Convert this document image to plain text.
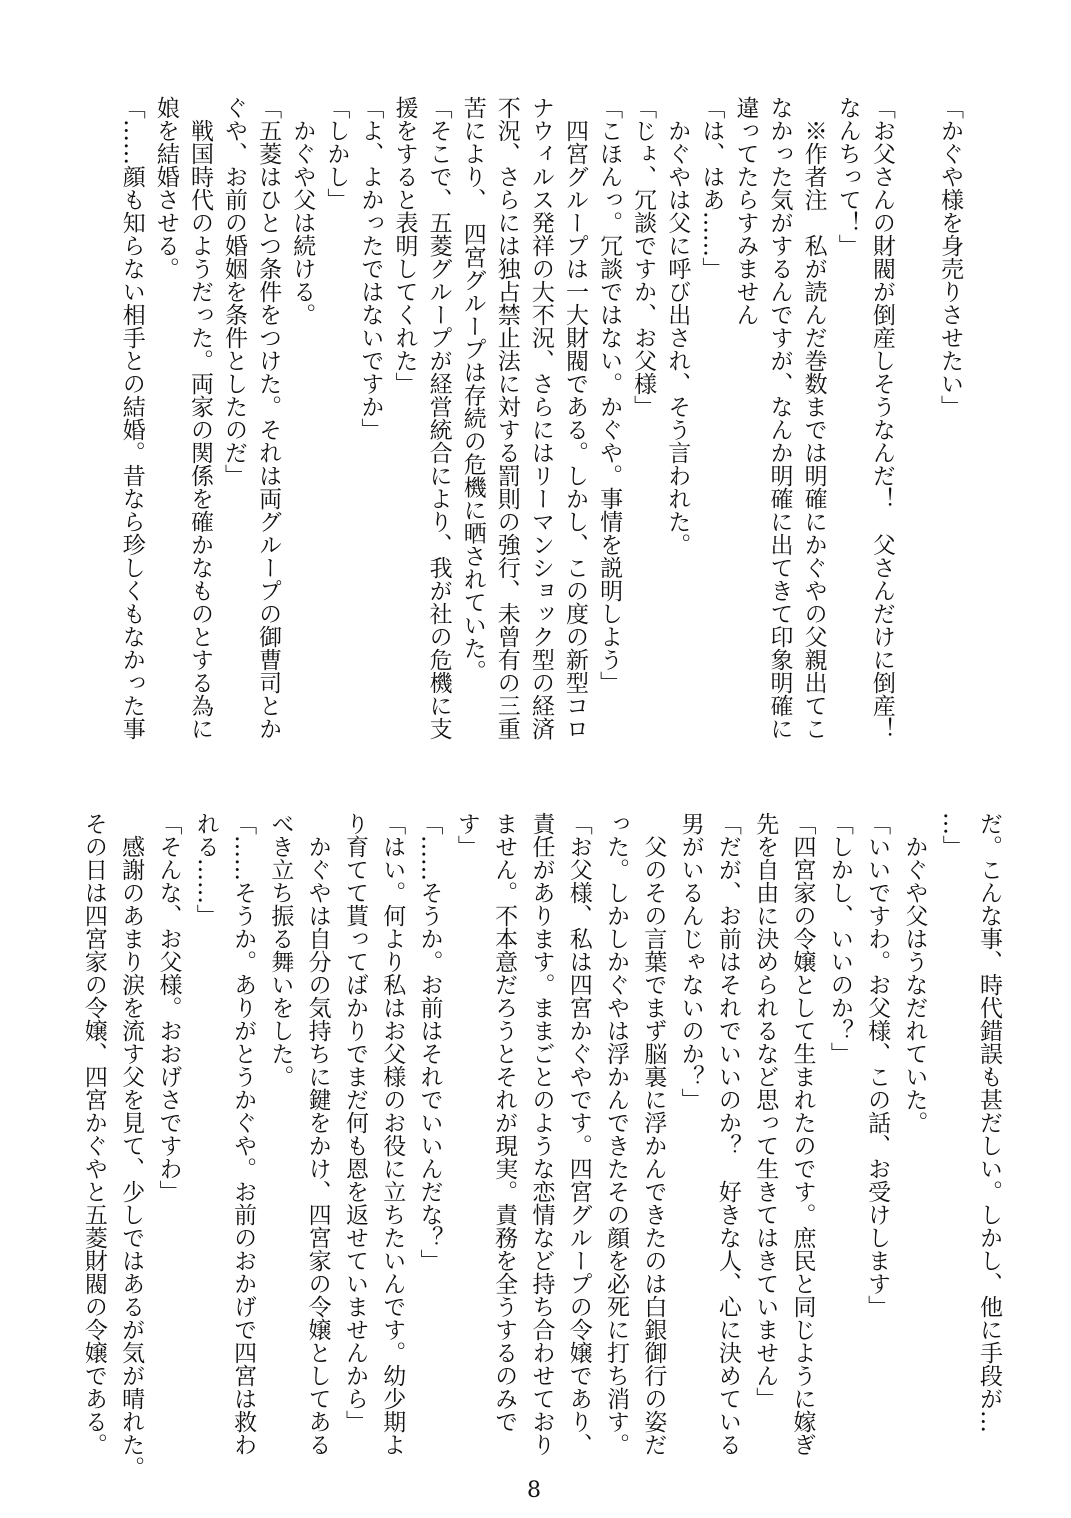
「かぐや様を身売りさせたい」
「お父さんの財閥が倒産しそうなんだ！　父さんだけに倒産！
なんちって！」
　※作者注　私が読んだ巻数までは明確にかぐやの父親出てこ
なかった気がするんですが、なんか明確に出てきて印象明確に
違ってたらすみません
「は、はあ……」
　かぐやは父に呼び出され、そう言われた。
「じょ、冗談ですか、お父様」
「こほんっ。冗談ではない。かぐや。事情を説明しよう」
　四宮グループは一大財閥である。しかし、この度の新型コロ
ナウィルス発祥の大不況、さらにはリーマンショック型の経済
不況、さらには独占禁止法に対する罰則の強行、未曾有の三重
苦により、　四宮グループは存続の危機に晒されていた。
「そこで、五菱グループが経営統合により、我が社の危機に支
援をすると表明してくれた」
「よ、よかったではないですか」
「しかし」
　かぐや父は続ける。
「五菱はひとつ条件をつけた。それは両グループの御曹司とか
ぐや、お前の婚姻を条件としたのだ」
　戦国時代のようだった。両家の関係を確かなものとする為に
娘を結婚させる。
「……顔も知らない相手との結婚。昔なら珍しくもなかった事
だ。こんな事、時代錯誤も甚だしい。しかし、他に手段が…
…」
　かぐや父はうなだれていた。
「いいですわ。お父様、この話、お受けします」
「しかし、いいのか？」
「四宮家の令嬢として生まれたのです。庶民と同じように嫁ぎ
先を自由に決められるなど思って生きてはきていません」
「だが、お前はそれでいいのか？　好きな人、心に決めている
男がいるんじゃないのか？」
　父のその言葉でまず脳裏に浮かんできたのは白銀御行の姿だ
った。しかしかぐやは浮かんできたその顔を必死に打ち消す。
「お父様、私は四宮かぐやです。四宮グループの令嬢であり、
責任があります。ままごとのような恋情など持ち合わせており
ません。不本意だろうとそれが現実。責務を全うするのみで
す」
「……そうか。お前はそれでいいんだな？」
「はい。何より私はお父様のお役に立ちたいんです。幼少期よ
り育てて貰ってばかりでまだ何も恩を返せていませんから」
　かぐやは自分の気持ちに鍵をかけ、四宮家の令嬢としてある
べき立ち振る舞いをした。
「……そうか。ありがとうかぐや。お前のおかげで四宮は救わ
れる……」
「そんな、お父様。おおげさですわ」
　感謝のあまり涙を流す父を見て、少しではあるが気が晴れた。
その日は四宮家の令嬢、四宮かぐやと五菱財閥の令嬢である。
8
